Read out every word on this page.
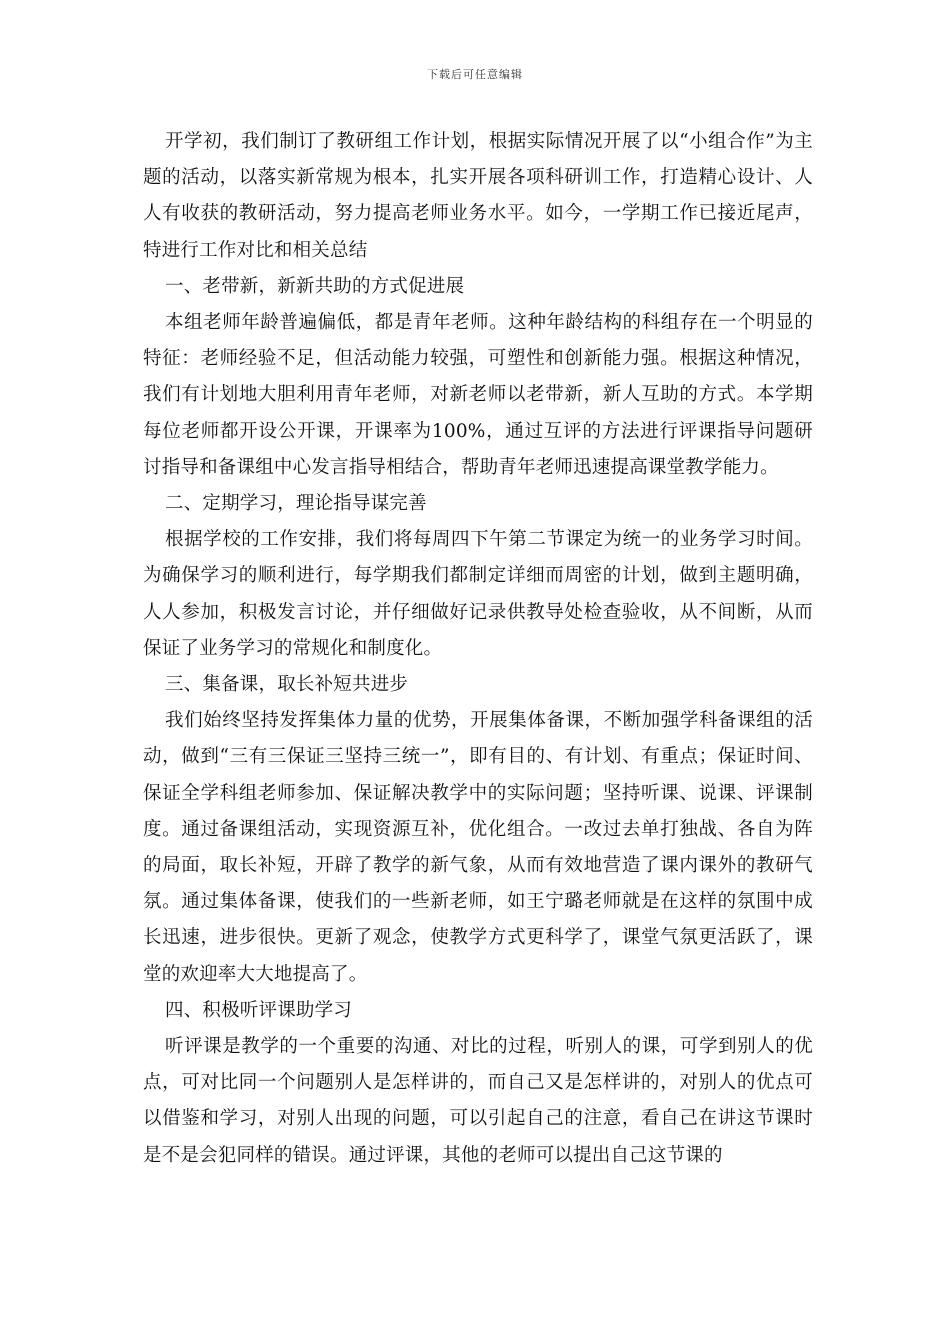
下载后可任意编辑

开学初，我们制订了教研组工作计划，根据实际情况开展了以“小组合作”为主题的活动，以落实新常规为根本，扎实开展各项科研训工作，打造精心设计、人人有收获的教研活动，努力提高老师业务水平。如今，一学期工作已接近尾声，特进行工作对比和相关总结

一、老带新，新新共助的方式促进展

本组老师年龄普遍偏低，都是青年老师。这种年龄结构的科组存在一个明显的特征：老师经验不足，但活动能力较强，可塑性和创新能力强。根据这种情况，我们有计划地大胆利用青年老师，对新老师以老带新，新人互助的方式。本学期每位老师都开设公开课，开课率为100%，通过互评的方法进行评课指导问题研讨指导和备课组中心发言指导相结合，帮助青年老师迅速提高课堂教学能力。

二、定期学习，理论指导谋完善

根据学校的工作安排，我们将每周四下午第二节课定为统一的业务学习时间。为确保学习的顺利进行，每学期我们都制定详细而周密的计划，做到主题明确，人人参加，积极发言讨论，并仔细做好记录供教导处检查验收，从不间断，从而保证了业务学习的常规化和制度化。

三、集备课，取长补短共进步

我们始终坚持发挥集体力量的优势，开展集体备课，不断加强学科备课组的活动，做到“三有三保证三坚持三统一”，即有目的、有计划、有重点；保证时间、保证全学科组老师参加、保证解决教学中的实际问题；坚持听课、说课、评课制度。通过备课组活动，实现资源互补，优化组合。一改过去单打独战、各自为阵的局面，取长补短，开辟了教学的新气象，从而有效地营造了课内课外的教研气氛。通过集体备课，使我们的一些新老师，如王宁璐老师就是在这样的氛围中成长迅速，进步很快。更新了观念，使教学方式更科学了，课堂气氛更活跃了，课堂的欢迎率大大地提高了。

四、积极听评课助学习

听评课是教学的一个重要的沟通、对比的过程，听别人的课，可学到别人的优点，可对比同一个问题别人是怎样讲的，而自己又是怎样讲的，对别人的优点可以借鉴和学习，对别人出现的问题，可以引起自己的注意，看自己在讲这节课时是不是会犯同样的错误。通过评课，其他的老师可以提出自己这节课的
